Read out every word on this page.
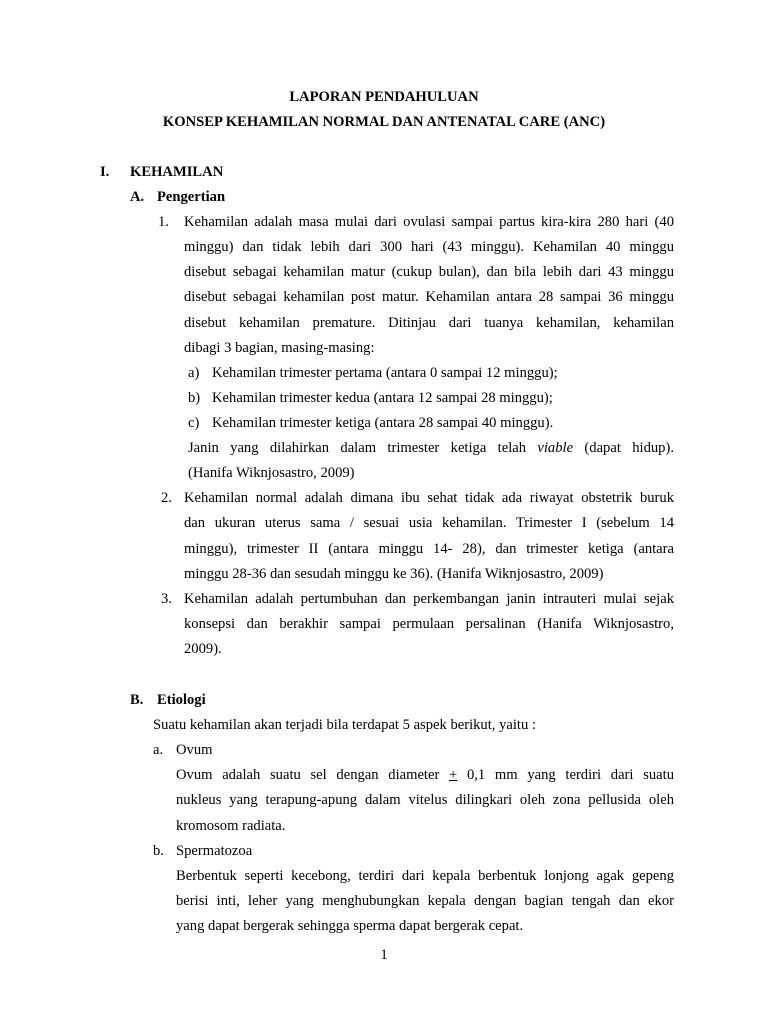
LAPORAN PENDAHULUAN
KONSEP KEHAMILAN NORMAL DAN ANTENATAL CARE (ANC)
I. KEHAMILAN
A. Pengertian
1. Kehamilan adalah masa mulai dari ovulasi sampai partus kira-kira 280 hari (40
minggu) dan tidak lebih dari 300 hari (43 minggu). Kehamilan 40 minggu
disebut sebagai kehamilan matur (cukup bulan), dan bila lebih dari 43 minggu
disebut sebagai kehamilan post matur. Kehamilan antara 28 sampai 36 minggu
disebut kehamilan premature. Ditinjau dari tuanya kehamilan, kehamilan
dibagi 3 bagian, masing-masing:
a) Kehamilan trimester pertama (antara 0 sampai 12 minggu);
b) Kehamilan trimester kedua (antara 12 sampai 28 minggu);
c) Kehamilan trimester ketiga (antara 28 sampai 40 minggu).
Janin yang dilahirkan dalam trimester ketiga telah viable (dapat hidup).
(Hanifa Wiknjosastro, 2009)
2. Kehamilan normal adalah dimana ibu sehat tidak ada riwayat obstetrik buruk
dan ukuran uterus sama / sesuai usia kehamilan. Trimester I (sebelum 14
minggu), trimester II (antara minggu 14- 28), dan trimester ketiga (antara
minggu 28-36 dan sesudah minggu ke 36). (Hanifa Wiknjosastro, 2009)
3. Kehamilan adalah pertumbuhan dan perkembangan janin intrauteri mulai sejak
konsepsi dan berakhir sampai permulaan persalinan (Hanifa Wiknjosastro,
2009).
B. Etiologi
Suatu kehamilan akan terjadi bila terdapat 5 aspek berikut, yaitu :
a. Ovum
Ovum adalah suatu sel dengan diameter + 0,1 mm yang terdiri dari suatu
nukleus yang terapung-apung dalam vitelus dilingkari oleh zona pellusida oleh
kromosom radiata.
b. Spermatozoa
Berbentuk seperti kecebong, terdiri dari kepala berbentuk lonjong agak gepeng
berisi inti, leher yang menghubungkan kepala dengan bagian tengah dan ekor
yang dapat bergerak sehingga sperma dapat bergerak cepat.
1
